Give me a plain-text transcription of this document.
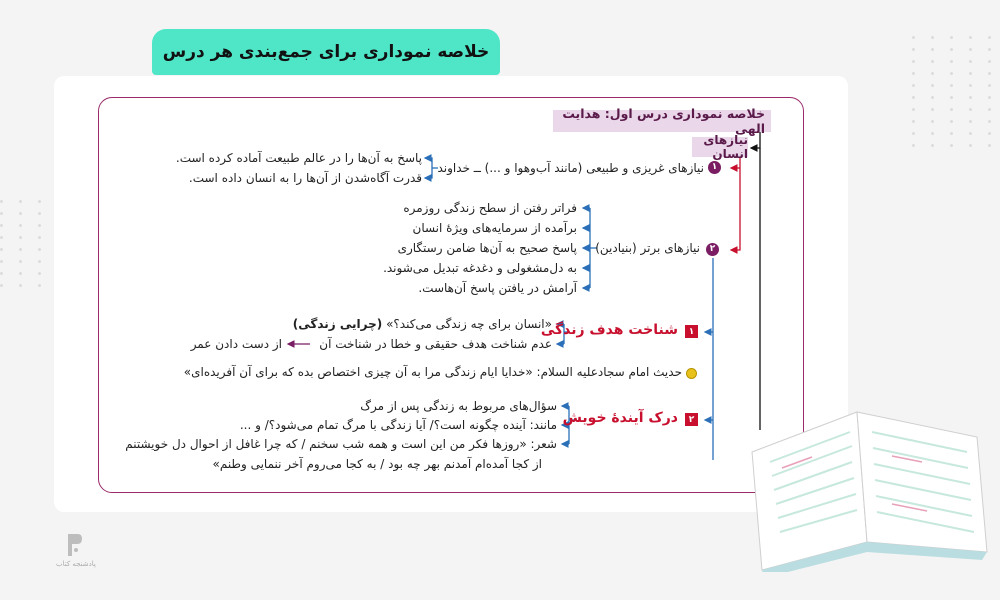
خلاصه نموداری برای جمع‌بندی هر درس
خلاصه نموداری درس اول: هدایت الهی
نیازهای انسان
۱
نیازهای غریزی و طبیعی (مانند آب‌وهوا و ...) ــ خداوند
پاسخ به آن‌ها را در عالم طبیعت آماده کرده است.
قدرت آگاه‌شدن از آن‌ها را به انسان داده است.
۲
نیازهای برتر (بنیادین)
فراتر رفتن از سطح زندگی روزمره
برآمده از سرمایه‌های ویژهٔ انسان
پاسخ صحیح به آن‌ها ضامن رستگاری
به دل‌مشغولی و دغدغه تبدیل می‌شوند.
آرامش در یافتن پاسخ آن‌هاست.
۱
شناخت هدف زندگی
«انسان برای چه زندگی می‌کند؟» (چرایی زندگی)
عدم شناخت هدف حقیقی و خطا در شناخت آن
از دست دادن عمر
حدیث امام سجادعليه السلام: «خدایا ایام زندگی مرا به آن چیزی اختصاص بده که برای آن آفریده‌ای»
۲
درک آیندهٔ خویش
سؤال‌های مربوط به زندگی پس از مرگ
مانند: آینده چگونه است؟/ آیا زندگی با مرگ تمام می‌شود؟/ و ...
شعر: «روزها فکر من این است و همه شب سخنم / که چرا غافل از احوال دل خویشتنم
از کجا آمده‌ام آمدنم بهر چه بود / به کجا می‌روم آخر ننمایی وطنم»
پادشنجه کتاب
